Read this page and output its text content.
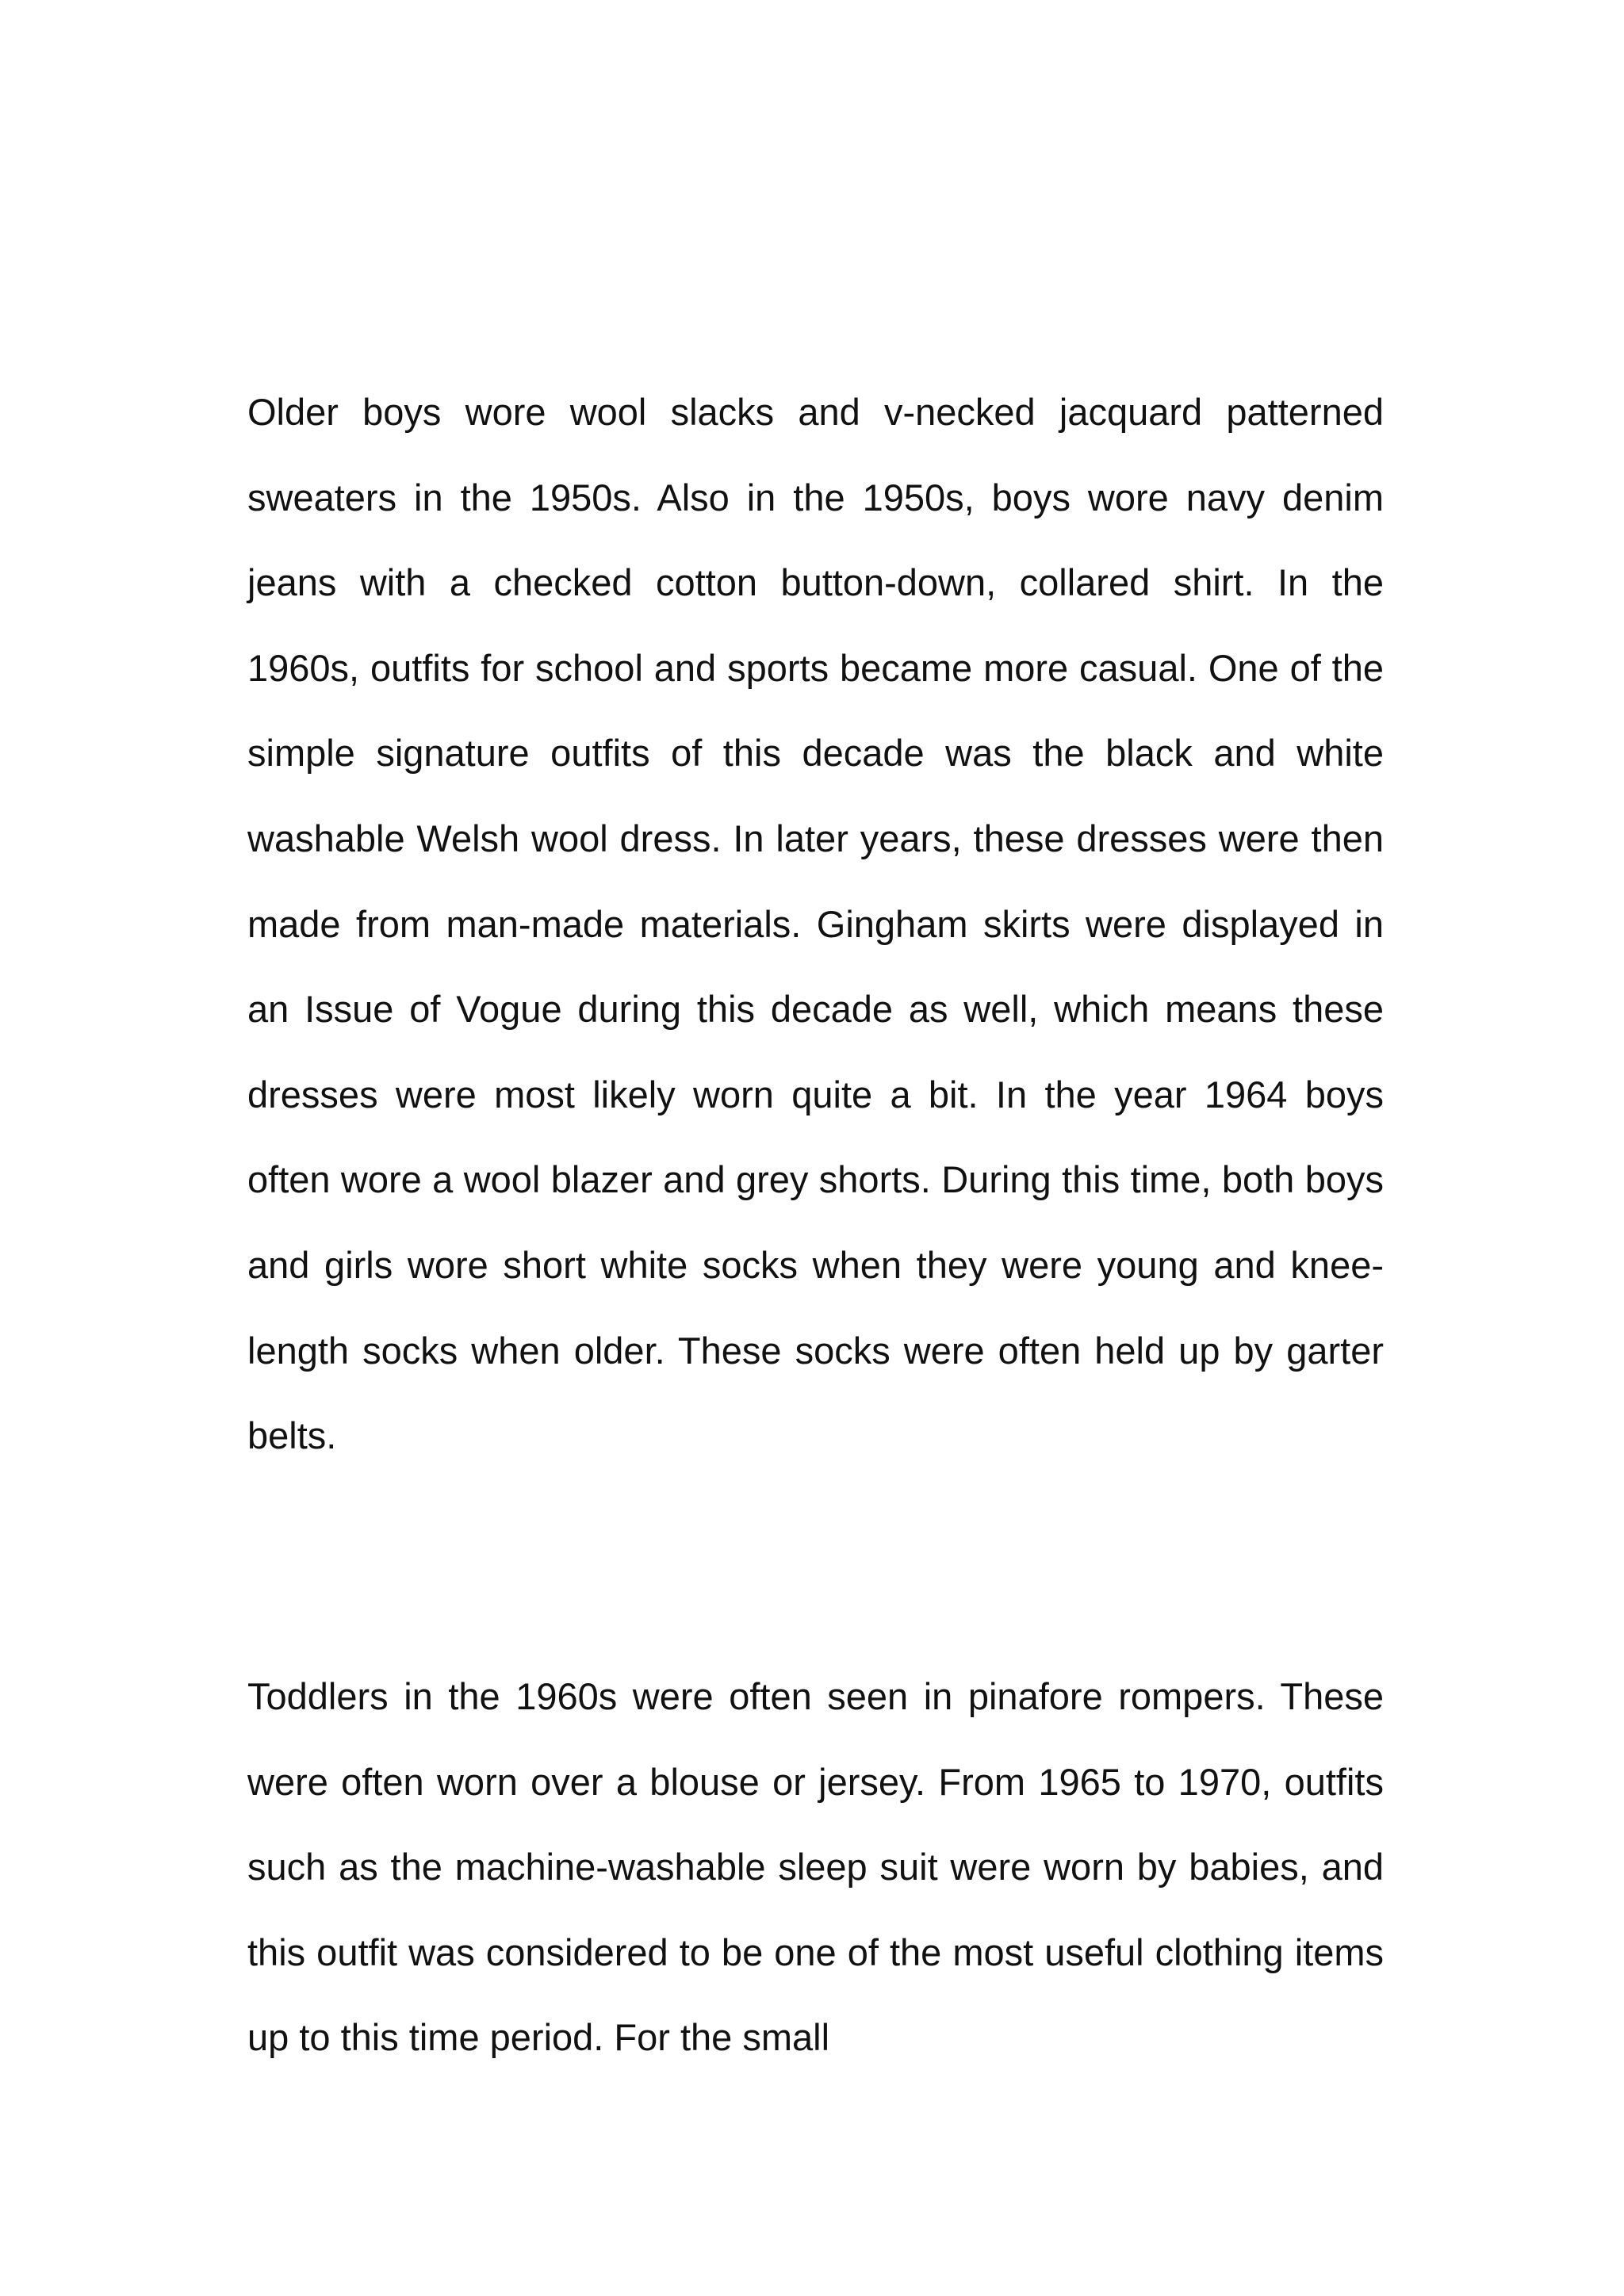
Older boys wore wool slacks and v-necked jacquard patterned sweaters in the 1950s. Also in the 1950s, boys wore navy denim jeans with a checked cotton button-down, collared shirt. In the 1960s, outfits for school and sports became more casual. One of the simple signature outfits of this decade was the black and white washable Welsh wool dress. In later years, these dresses were then made from man-made materials. Gingham skirts were displayed in an Issue of Vogue during this decade as well, which means these dresses were most likely worn quite a bit. In the year 1964 boys often wore a wool blazer and grey shorts. During this time, both boys and girls wore short white socks when they were young and knee-length socks when older. These socks were often held up by garter belts.

Toddlers in the 1960s were often seen in pinafore rompers. These were often worn over a blouse or jersey. From 1965 to 1970, outfits such as the machine-washable sleep suit were worn by babies, and this outfit was considered to be one of the most useful clothing items up to this time period. For the small
